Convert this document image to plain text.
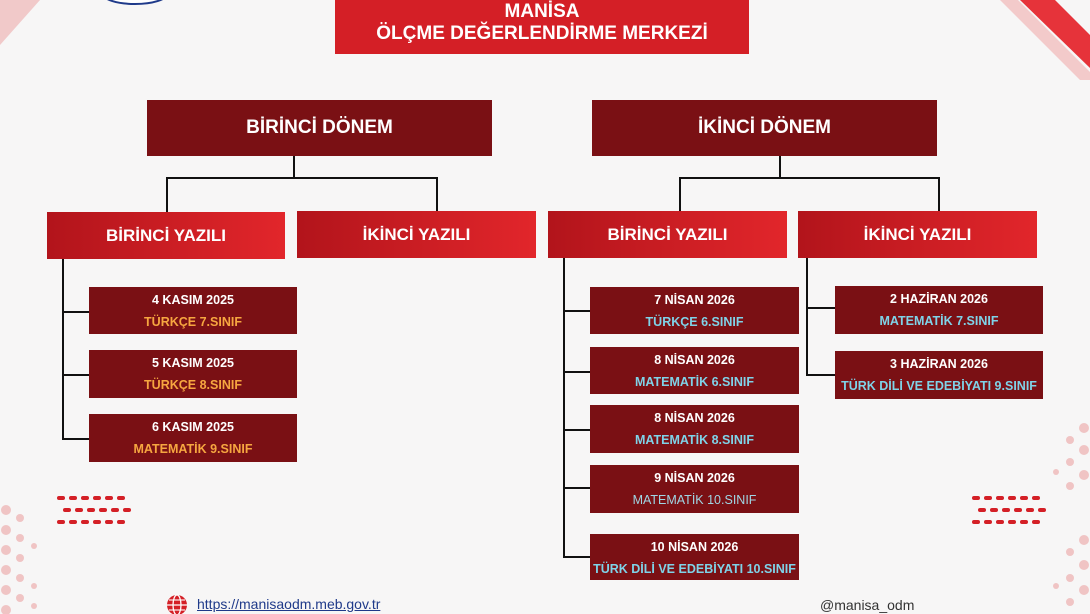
MANİSA
ÖLÇME DEĞERLENDİRME MERKEZİ
BİRİNCİ DÖNEM	İKİNCİ DÖNEM
BİRİNCİ YAZILI	İKİNCİ YAZILI	BİRİNCİ YAZILI	İKİNCİ YAZILI
4 KASIM 2025
TÜRKÇE 7.SINIF
5 KASIM 2025
TÜRKÇE 8.SINIF
6 KASIM 2025
MATEMATİK 9.SINIF
7 NİSAN 2026
TÜRKÇE 6.SINIF
8 NİSAN 2026
MATEMATİK 6.SINIF
8 NİSAN 2026
MATEMATİK 8.SINIF
9 NİSAN 2026
MATEMATİK 10.SINIF
10 NİSAN 2026
TÜRK DİLİ VE EDEBİYATI 10.SINIF
2 HAZİRAN 2026
MATEMATİK 7.SINIF
3 HAZİRAN 2026
TÜRK DİLİ VE EDEBİYATI 9.SINIF
https://manisaodm.meb.gov.tr	@manisa_odm
